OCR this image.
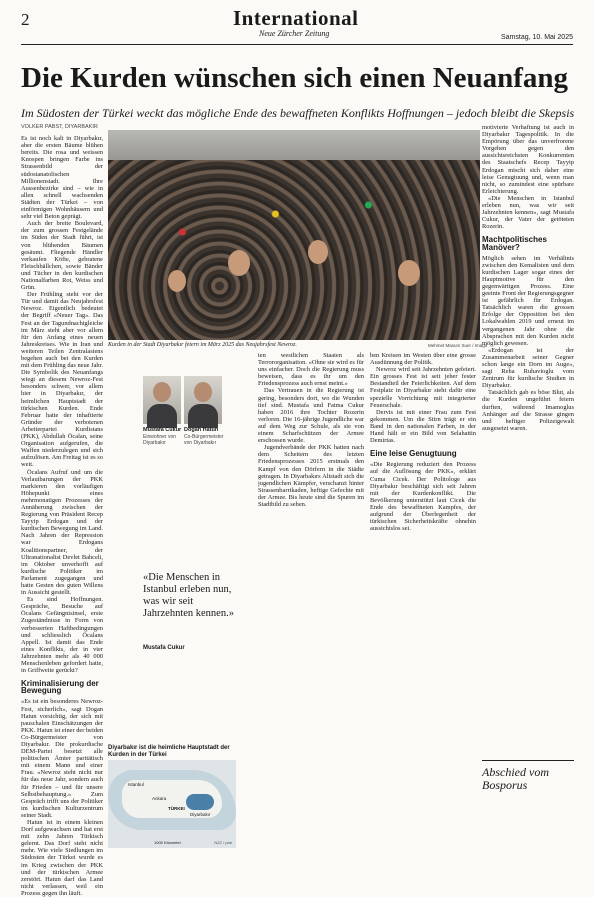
2	International
Neue Zürcher Zeitung	Samstag, 10. Mai 2025
Die Kurden wünschen sich einen Neuanfang
Im Südosten der Türkei weckt das mögliche Ende des bewaffneten Konflikts Hoffnungen – jedoch bleibt die Skepsis
VOLKER PABST, DIYARBAKIR

Es ist noch kalt in Diyarbakır, aber die ersten Bäume blühen bereits. Die rosa und weissen Knospen bringen Farbe ins Strassenbild der südostanatolischen Millionenstadt. Ihre Aussenbezirke sind – wie in allen schnell wachsenden Städten der Türkei – von einförmigen Wohnhäusern und sehr viel Beton geprägt.

Auch der breite Boulevard, der zum grossen Festgelände im Süden der Stadt führt, ist von blühenden Bäumen gesäumt. Fliegende Händler verkaufen Köfte, gebratene Fleischbällchen, sowie Bänder und Tücher in den kurdischen Nationalfarben Rot, Weiss und Grün.

Der Frühling steht vor der Tür und damit das Neujahrsfest Newroz. Eigentlich bedeutet der Begriff «Neuer Tag». Das Fest an der Tagundnachtgleiche im März steht aber vor allem für den Anfang eines neuen Jahreskreises. Wie in Iran und weiteren Teilen Zentralasiens begehen auch bei den Kurden mit dem Frühling das neue Jahr. Die Symbolik des Neuanfangs wiegt an diesem Newroz-Fest besonders schwer, vor allem hier in Diyarbakır, der heimlichen Hauptstadt der türkischen Kurden. Ende Februar hatte der inhaftierte Gründer der verbotenen Arbeiterpartei Kurdistans (PKK), Abdullah Öcalan, seine Organisation aufgerufen, die Waffen niederzulegen und sich aufzulösen. Am Freitag ist es so weit.

Öcalans Aufruf und um die Verlautbarungen der PKK markieren den vorläufigen Höhepunkt eines mehrmonatigen Prozesses der Annäherung zwischen der Regierung von Präsident Recep Tayyip Erdogan und der kurdischen Bewegung im Land. Nach Jahren der Repression war Erdogans Koalitionspartner, der Ultranationalist Devlet Bahceli, im Oktober unverhofft auf kurdische Politiker im Parlament zugegangen und hatte Gesten des guten Willens in Aussicht gestellt.

Es sind Hoffnungen. Gespräche, Besuche auf Öcalans Gefängnisinsel, erste Zugeständnisse in Form von verbesserten Haftbedingungen und schliesslich Öcalans Appell. Ist damit das Ende eines Konflikts, der in vier Jahrzehnten mehr als 40 000 Menschenleben gefordert hatte, in Griffweite gerückt?

Kriminalisierung der Bewegung

«Es ist ein besonderes Newroz-Fest, sicherlich», sagt Dogan Hatun vorsichtig, der sich mit pauschalen Einschätzungen der PKK. Hatun ist einer der beiden Co-Bürgermeister von Diyarbakır. Die prokurdische DEM-Partei besetzt alle politischen Ämter paritätisch mit einem Mann und einer Frau. «Newroz steht nicht nur für das neue Jahr, sondern auch für Frieden – und für unsere Selbstbehauptung.» Zum Gespräch trifft uns der Politiker im kurdischen Kulturzentrum seiner Stadt.

Hatun ist in einem kleinen Dorf aufgewachsen und hat erst mit zehn Jahren Türkisch gelernt. Das Dorf steht nicht mehr. Wie viele Siedlungen im Südosten der Türkei wurde es im Krieg zwischen der PKK und der türkischen Armee zerstört. Hatun darf das Land nicht verlassen, weil ein Prozess gegen ihn läuft.

Kurden in der Stadt Diyarbakır feiern im März 2025 das Neujahrsfest Newroz.	Mehmet Masum Suer / Imago
Mustafa Cukur
Einwohner von Diyarbakır
Dogan Hatun
Co-Bürgermeister von Diyarbakır
«Die Menschen in Istanbul erleben nun, was wir seit Jahrzehnten kennen.»
Mustafa Cukur
Diyarbakır ist die heimliche Hauptstadt der Kurden in der Türkei
Istanbul
Ankara
TÜRKEI
Diyarbakır
1000 Kilometer	NZZ / pab

ten westlichen Staaten als Terrororganisation. «Ohne sie wird es für uns einfacher. Doch die Regierung muss beweisen, dass es ihr um den Friedensprozess auch ernst meint.»

Das Vertrauen in die Regierung ist gering, besonders dort, wo die Wunden tief sind. Mustafa und Fatma Cukur haben 2016 ihre Tochter Rozerin verloren. Die 16-jährige Jugendliche war auf dem Weg zur Schule, als sie von einem Scharfschützen der Armee erschossen wurde.

Jugendverbände der PKK hatten nach dem Scheitern des letzten Friedensprozesses 2015 erstmals den Kampf von den Dörfern in die Städte getragen. In Diyarbakırs Altstadt sich die jugendlichen Kämpfer, verschanzt hinter Strassenbarrikaden, heftige Gefechte mit der Armee. Bis heute sind die Spuren im Stadtbild zu sehen.

ben Kreisen im Westen über eine grosse Ausdünnung der Politik.

Newroz wird seit Jahrzehnten gefeiert. Ein grosses Fest ist seit jeher fester Bestandteil der Feierlichkeiten. Auf dem Festplatz in Diyarbakır steht dafür eine spezielle Vorrichtung mit integrierter Feuerschale.

Dervis ist mit einer Frau zum Fest gekommen. Um die Stirn trägt er ein Band in den nationalen Farben, in der Hand hält er ein Bild von Selahattin Demirtas.

Eine leise Genugtuung

«Die Regierung reduziert den Prozess auf die Auflösung der PKK», erklärt Cuma Cicek. Der Politologe aus Diyarbakır beschäftigt sich seit Jahren mit der Kurdenkonflikt. Die Bevölkerung unterstützt laut Cicek die Ende des bewaffneten Kampfes, der aufgrund der Überlegenheit der türkischen Sicherheitskräfte ohnehin aussichtslos sei.

motivierte Verhaftung ist auch in Diyarbakır Tagespolitik. In die Empörung über das unverfrorene Vorgehen gegen den aussichtsreichsten Konkurrenten des Staatschefs Recep Tayyip Erdogan mischt sich daher eine leise Genugtuung und, wenn man nicht, so zumindest eine spürbare Erleichterung.

«Die Menschen in Istanbul erleben nun, was wir seit Jahrzehnten kennen», sagt Mustafa Cukur, der Vater der getöteten Rozerin.

Machtpolitisches Manöver?

Möglich sehen im Verhältnis zwischen den Kemalisten und dem kurdischen Lager sogar eines der Hauptmotive für den gegenwärtigen Prozess. Eine geeinte Front der Regierungsgegner ist gefährlich für Erdogan. Tatsächlich waren die grossen Erfolge der Opposition bei den Lokalwahlen 2019 und erneut im vergangenen Jahr ohne die Absprachen mit den Kurden nicht möglich gewesen.

«Erdogan ist der Zusammenarbeit seiner Gegner schon lange ein Dorn im Auge», sagt Reha Ruhavioglu vom Zentrum für kurdische Studien in Diyarbakır.

Tatsächlich gab es böse Blut, als die Kurden ungeführt feiern durften, während Imamoglus Anhänger auf die Strasse gingen und heftiger Polizeigewalt ausgesetzt waren.

Abschied vom Bosporus
